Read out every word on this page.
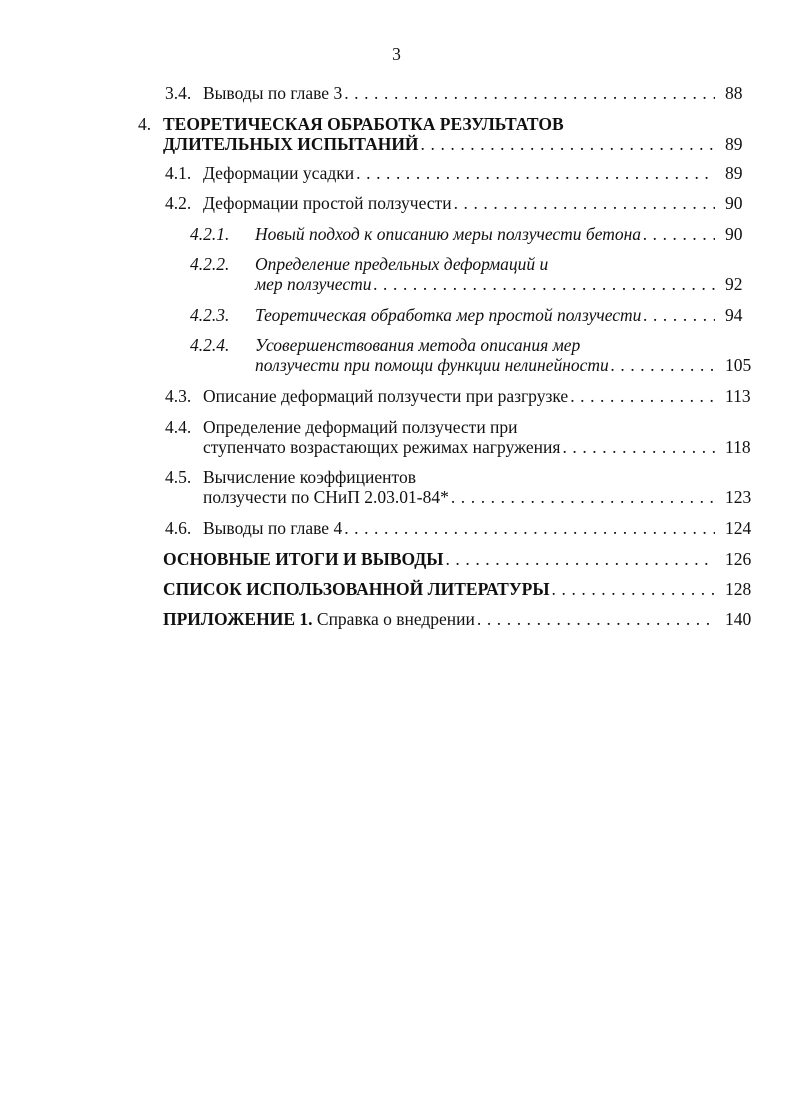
3
3.4. Выводы по главе 3 . . .	88
4. ТЕОРЕТИЧЕСКАЯ ОБРАБОТКА РЕЗУЛЬТАТОВ
ДЛИТЕЛЬНЫХ ИСПЫТАНИЙ . . .	89
4.1. Деформации усадки . . .	89
4.2. Деформации простой ползучести . . .	90
4.2.1. Новый подход к описанию меры ползучести бетона . . .	90
4.2.2. Определение предельных деформаций и
мер ползучести . . .	92
4.2.3. Теоретическая обработка мер простой ползучести . . .	94
4.2.4. Усовершенствования метода описания мер
ползучести при помощи функции нелинейности . . .	105
4.3. Описание деформаций ползучести при разгрузке . . .	113
4.4. Определение деформаций ползучести при
ступенчато возрастающих режимах нагружения . . .	118
4.5. Вычисление коэффициентов
ползучести по СНиП 2.03.01-84* . . .	123
4.6. Выводы по главе 4 . . .	124
ОСНОВНЫЕ ИТОГИ И ВЫВОДЫ . . .	126
СПИСОК ИСПОЛЬЗОВАННОЙ ЛИТЕРАТУРЫ . . .	128
ПРИЛОЖЕНИЕ 1. Справка о внедрении . . .	140
